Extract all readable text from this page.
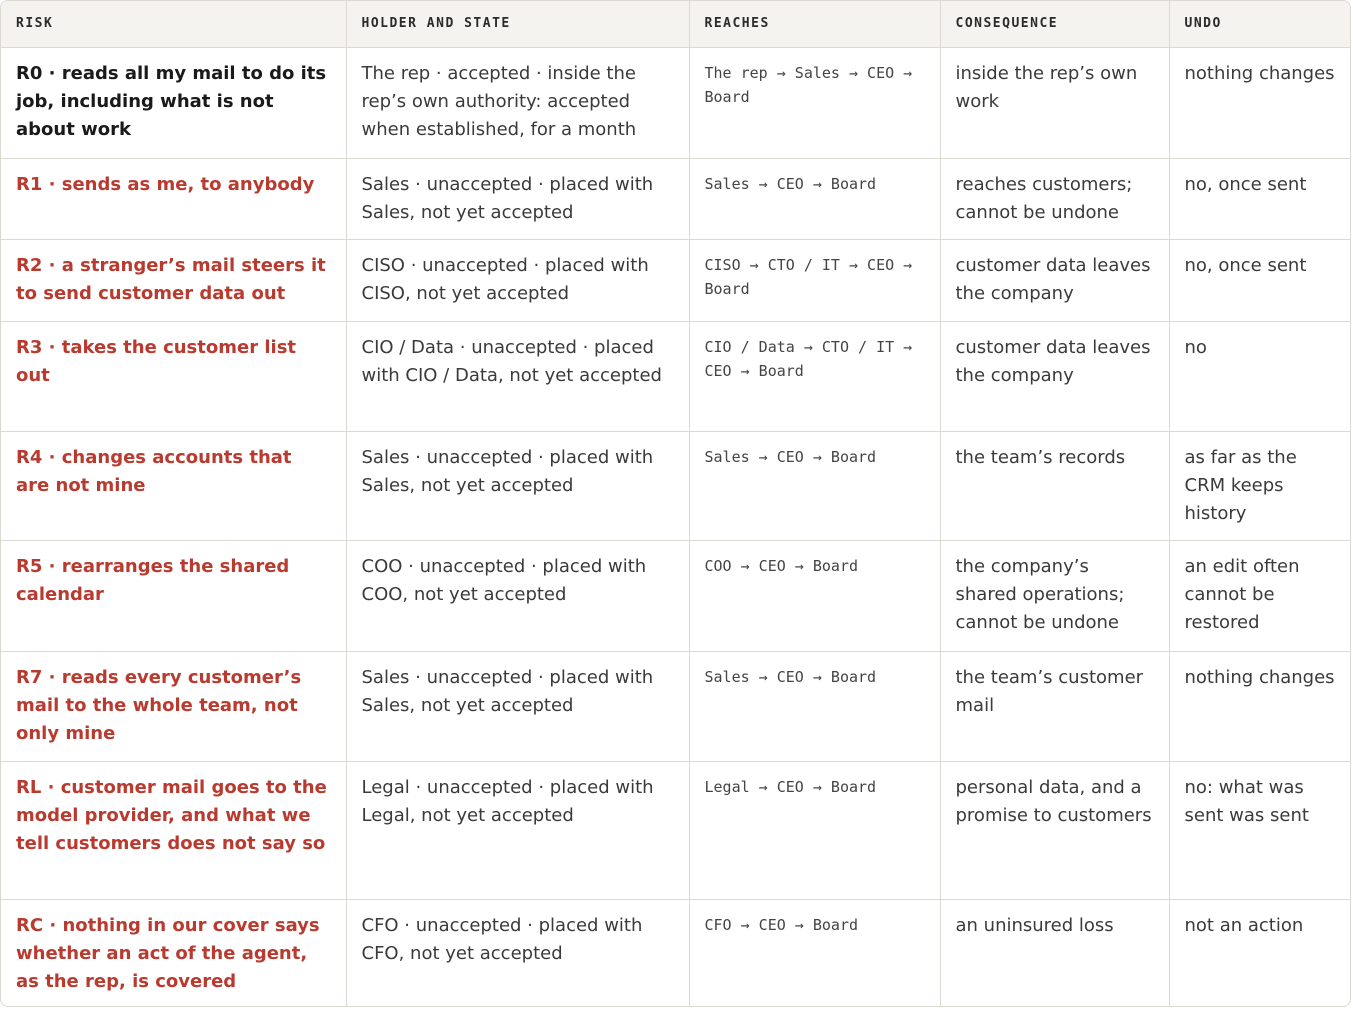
RISK	HOLDER AND STATE	REACHES	CONSEQUENCE	UNDO
R0 · reads all my mail to do its job, including what is not about work	The rep · accepted · inside the rep’s own authority: accepted when established, for a month	The rep → Sales → CEO → Board	inside the rep’s own work	nothing changes
R1 · sends as me, to anybody	Sales · unaccepted · placed with Sales, not yet accepted	Sales → CEO → Board	reaches customers; cannot be undone	no, once sent
R2 · a stranger’s mail steers it to send customer data out	CISO · unaccepted · placed with CISO, not yet accepted	CISO → CTO / IT → CEO → Board	customer data leaves the company	no, once sent
R3 · takes the customer list out	CIO / Data · unaccepted · placed with CIO / Data, not yet accepted	CIO / Data → CTO / IT → CEO → Board	customer data leaves the company	no
R4 · changes accounts that are not mine	Sales · unaccepted · placed with Sales, not yet accepted	Sales → CEO → Board	the team’s records	as far as the CRM keeps history
R5 · rearranges the shared calendar	COO · unaccepted · placed with COO, not yet accepted	COO → CEO → Board	the company’s shared operations; cannot be undone	an edit often cannot be restored
R7 · reads every customer’s mail to the whole team, not only mine	Sales · unaccepted · placed with Sales, not yet accepted	Sales → CEO → Board	the team’s customer mail	nothing changes
RL · customer mail goes to the model provider, and what we tell customers does not say so	Legal · unaccepted · placed with Legal, not yet accepted	Legal → CEO → Board	personal data, and a promise to customers	no: what was sent was sent
RC · nothing in our cover says whether an act of the agent, as the rep, is covered	CFO · unaccepted · placed with CFO, not yet accepted	CFO → CEO → Board	an uninsured loss	not an action
